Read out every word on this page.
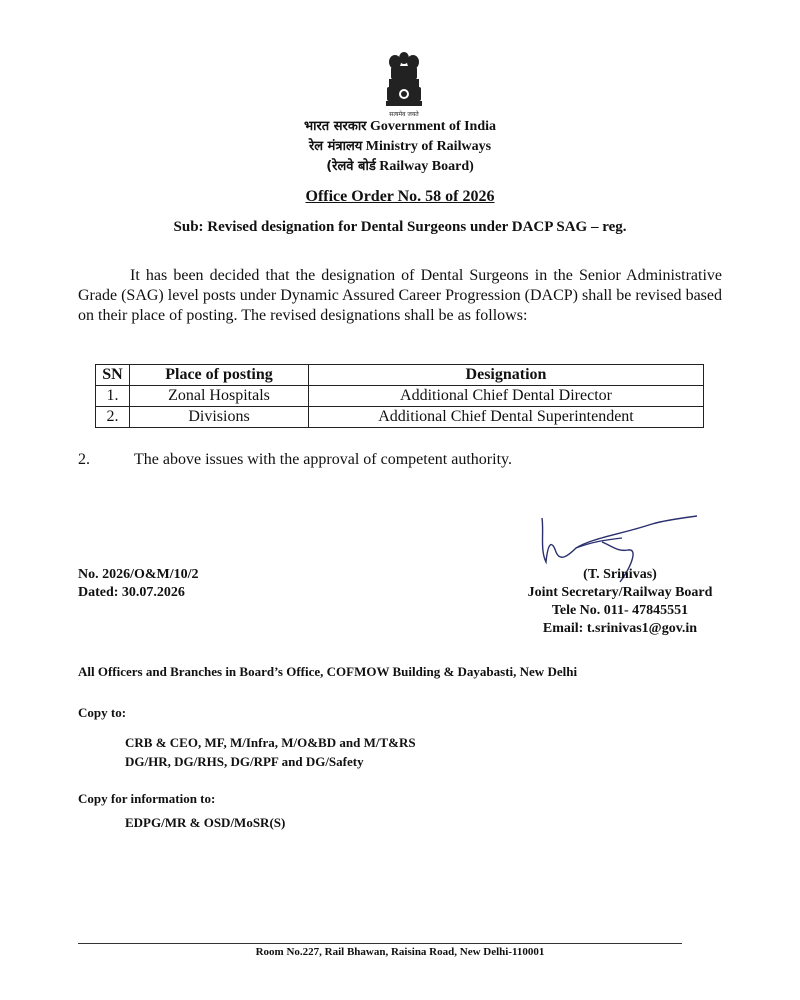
सत्यमेव जयते
भारत सरकार Government of India
रेल मंत्रालय Ministry of Railways
(रेलवे बोर्ड Railway Board)
Office Order No. 58 of 2026
Sub: Revised designation for Dental Surgeons under DACP SAG – reg.
It has been decided that the designation of Dental Surgeons in the Senior Administrative Grade (SAG) level posts under Dynamic Assured Career Progression (DACP) shall be revised based on their place of posting. The revised designations shall be as follows:
SN	Place of posting	Designation
1.	Zonal Hospitals	Additional Chief Dental Director
2.	Divisions	Additional Chief Dental Superintendent
2.	The above issues with the approval of competent authority.
No. 2026/O&M/10/2
Dated: 30.07.2026
(T. Srinivas)
Joint Secretary/Railway Board
Tele No. 011- 47845551
Email: t.srinivas1@gov.in
All Officers and Branches in Board’s Office, COFMOW Building & Dayabasti, New Delhi
Copy to:
CRB & CEO, MF, M/Infra, M/O&BD and M/T&RS
DG/HR, DG/RHS, DG/RPF and DG/Safety
Copy for information to:
EDPG/MR & OSD/MoSR(S)
Room No.227, Rail Bhawan, Raisina Road, New Delhi-110001
